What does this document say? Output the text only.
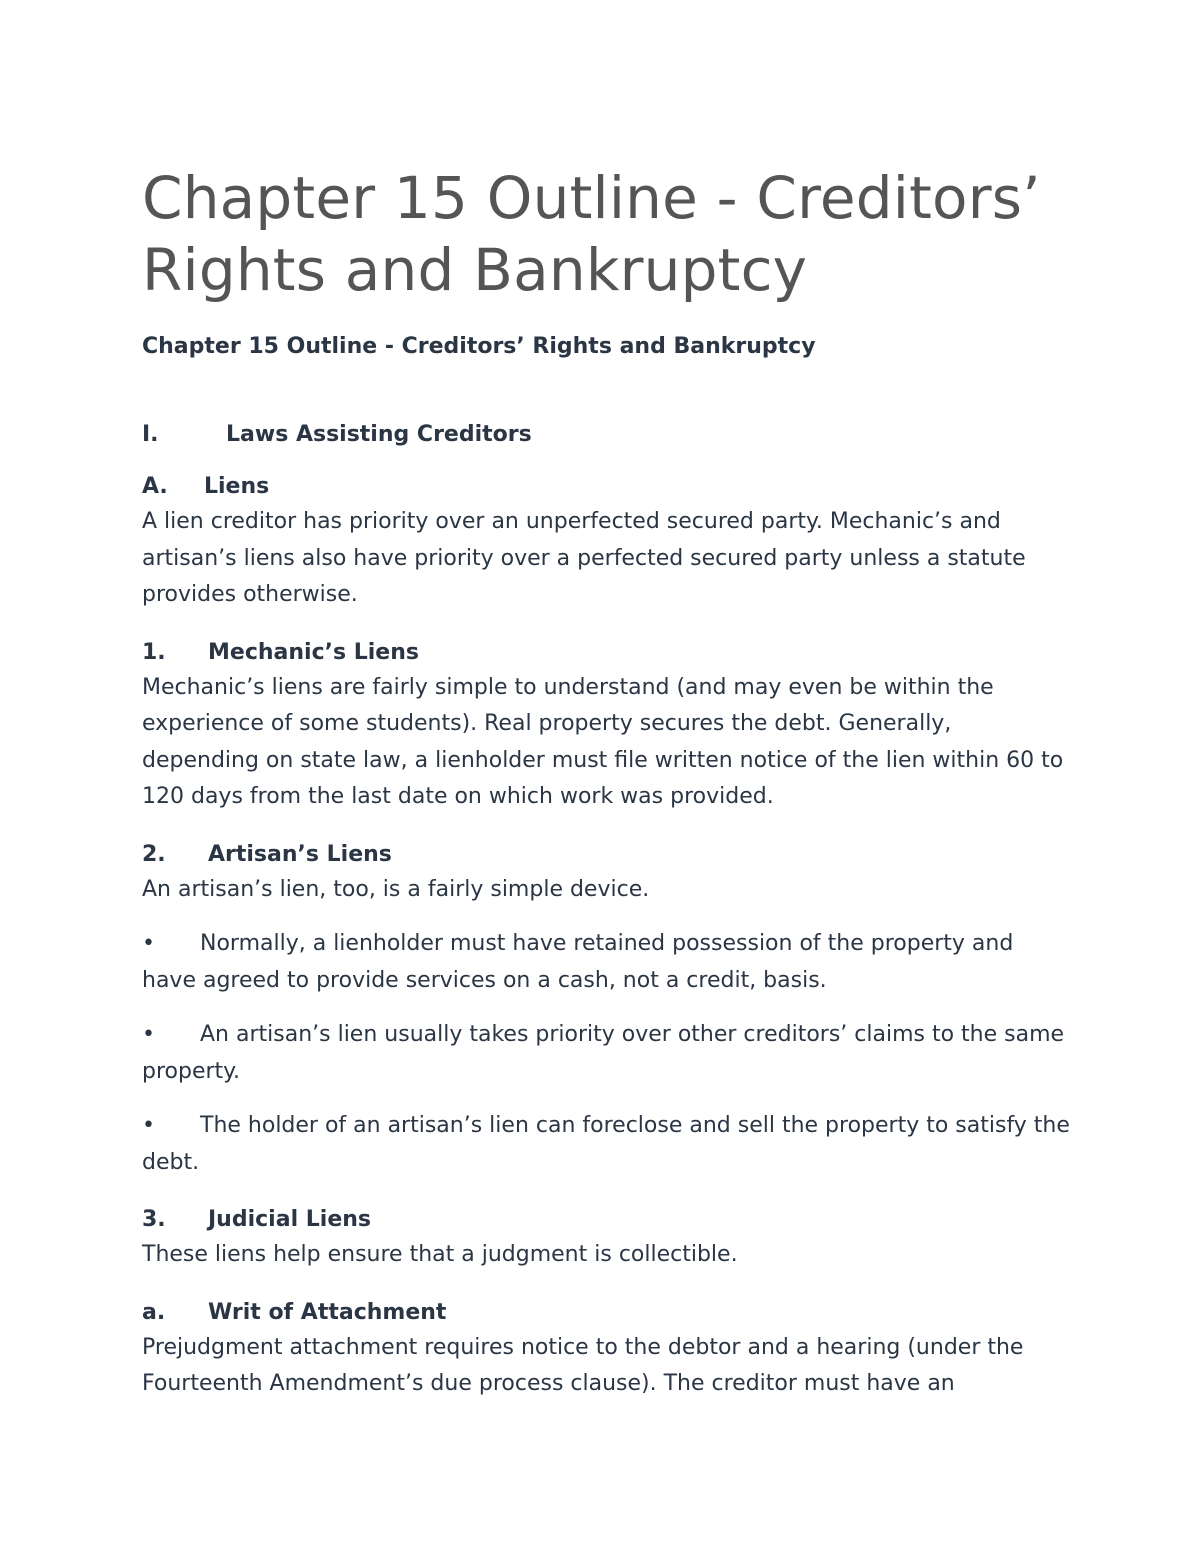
Chapter 15 Outline - Creditors’ Rights and Bankruptcy
Chapter 15 Outline - Creditors’ Rights and Bankruptcy
I.	Laws Assisting Creditors
A.	Liens

A lien creditor has priority over an unperfected secured party. Mechanic’s and artisan’s liens also have priority over a perfected secured party unless a statute provides otherwise.

1.	Mechanic’s Liens

Mechanic’s liens are fairly simple to understand (and may even be within the experience of some students). Real property secures the debt. Generally, depending on state law, a lienholder must file written notice of the lien within 60 to 120 days from the last date on which work was provided.

2.	Artisan’s Liens

An artisan’s lien, too, is a fairly simple device.

• Normally, a lienholder must have retained possession of the property and have agreed to provide services on a cash, not a credit, basis.
• An artisan’s lien usually takes priority over other creditors’ claims to the same property.
• The holder of an artisan’s lien can foreclose and sell the property to satisfy the debt.
3.	Judicial Liens

These liens help ensure that a judgment is collectible.

a.	Writ of Attachment

Prejudgment attachment requires notice to the debtor and a hearing (under the Fourteenth Amendment’s due process clause). The creditor must have an
